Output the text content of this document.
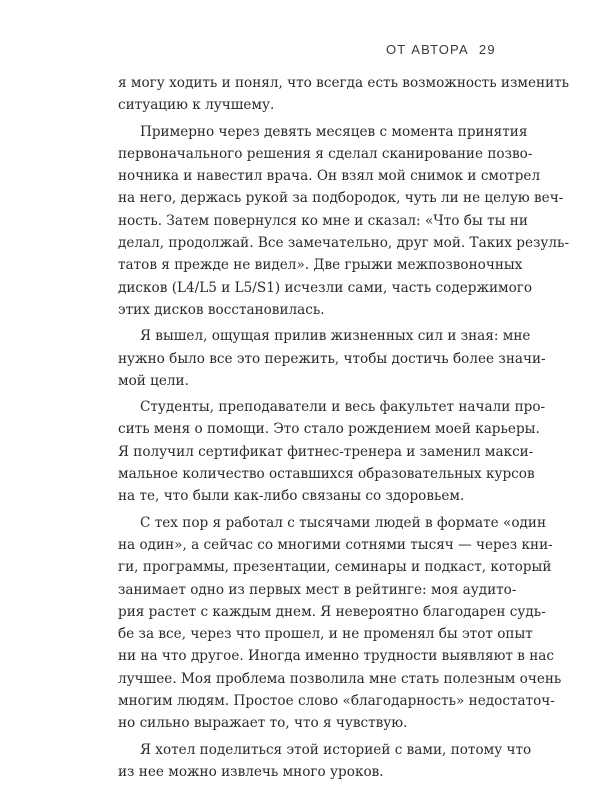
ОТ АВТОРА 29

я могу ходить и понял, что всегда есть возможность изменить
ситуацию к лучшему.

Примерно через девять месяцев с момента принятия
первоначального решения я сделал сканирование позво-
ночника и навестил врача. Он взял мой снимок и смотрел
на него, держась рукой за подбородок, чуть ли не целую веч-
ность. Затем повернулся ко мне и сказал: «Что бы ты ни
делал, продолжай. Все замечательно, друг мой. Таких резуль-
татов я прежде не видел». Две грыжи межпозвоночных
дисков (L4/L5 и L5/S1) исчезли сами, часть содержимого
этих дисков восстановилась.

Я вышел, ощущая прилив жизненных сил и зная: мне
нужно было все это пережить, чтобы достичь более значи-
мой цели.

Студенты, преподаватели и весь факультет начали про-
сить меня о помощи. Это стало рождением моей карьеры.
Я получил сертификат фитнес-тренера и заменил макси-
мальное количество оставшихся образовательных курсов
на те, что были как-либо связаны со здоровьем.

С тех пор я работал с тысячами людей в формате «один
на один», а сейчас со многими сотнями тысяч — через кни-
ги, программы, презентации, семинары и подкаст, который
занимает одно из первых мест в рейтинге: моя аудито-
рия растет с каждым днем. Я невероятно благодарен судь-
бе за все, через что прошел, и не променял бы этот опыт
ни на что другое. Иногда именно трудности выявляют в нас
лучшее. Моя проблема позволила мне стать полезным очень
многим людям. Простое слово «благодарность» недостаточ-
но сильно выражает то, что я чувствую.

Я хотел поделиться этой историей с вами, потому что
из нее можно извлечь много уроков.
